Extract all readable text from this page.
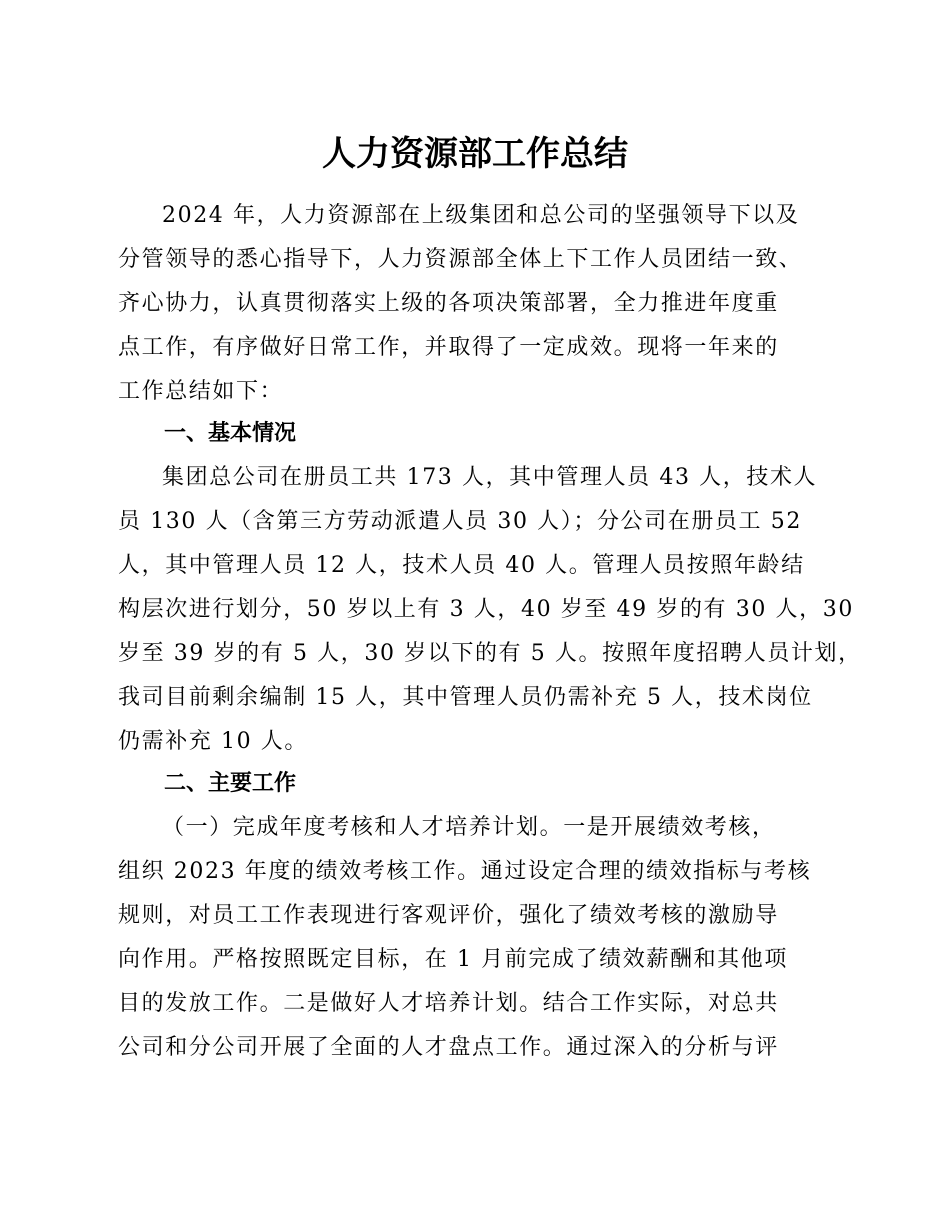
人力资源部工作总结
2024 年，人力资源部在上级集团和总公司的坚强领导下以及
分管领导的悉心指导下，人力资源部全体上下工作人员团结一致、
齐心协力，认真贯彻落实上级的各项决策部署，全力推进年度重
点工作，有序做好日常工作，并取得了一定成效。现将一年来的
工作总结如下：
一、基本情况
集团总公司在册员工共 173 人，其中管理人员 43 人，技术人
员 130 人（含第三方劳动派遣人员 30 人）；分公司在册员工 52
人，其中管理人员 12 人，技术人员 40 人。管理人员按照年龄结
构层次进行划分，50 岁以上有 3 人，40 岁至 49 岁的有 30 人，30
岁至 39 岁的有 5 人，30 岁以下的有 5 人。按照年度招聘人员计划，
我司目前剩余编制 15 人，其中管理人员仍需补充 5 人，技术岗位
仍需补充 10 人。
二、主要工作
（一）完成年度考核和人才培养计划。一是开展绩效考核，
组织 2023 年度的绩效考核工作。通过设定合理的绩效指标与考核
规则，对员工工作表现进行客观评价，强化了绩效考核的激励导
向作用。严格按照既定目标，在 1 月前完成了绩效薪酬和其他项
目的发放工作。二是做好人才培养计划。结合工作实际，对总共
公司和分公司开展了全面的人才盘点工作。通过深入的分析与评
